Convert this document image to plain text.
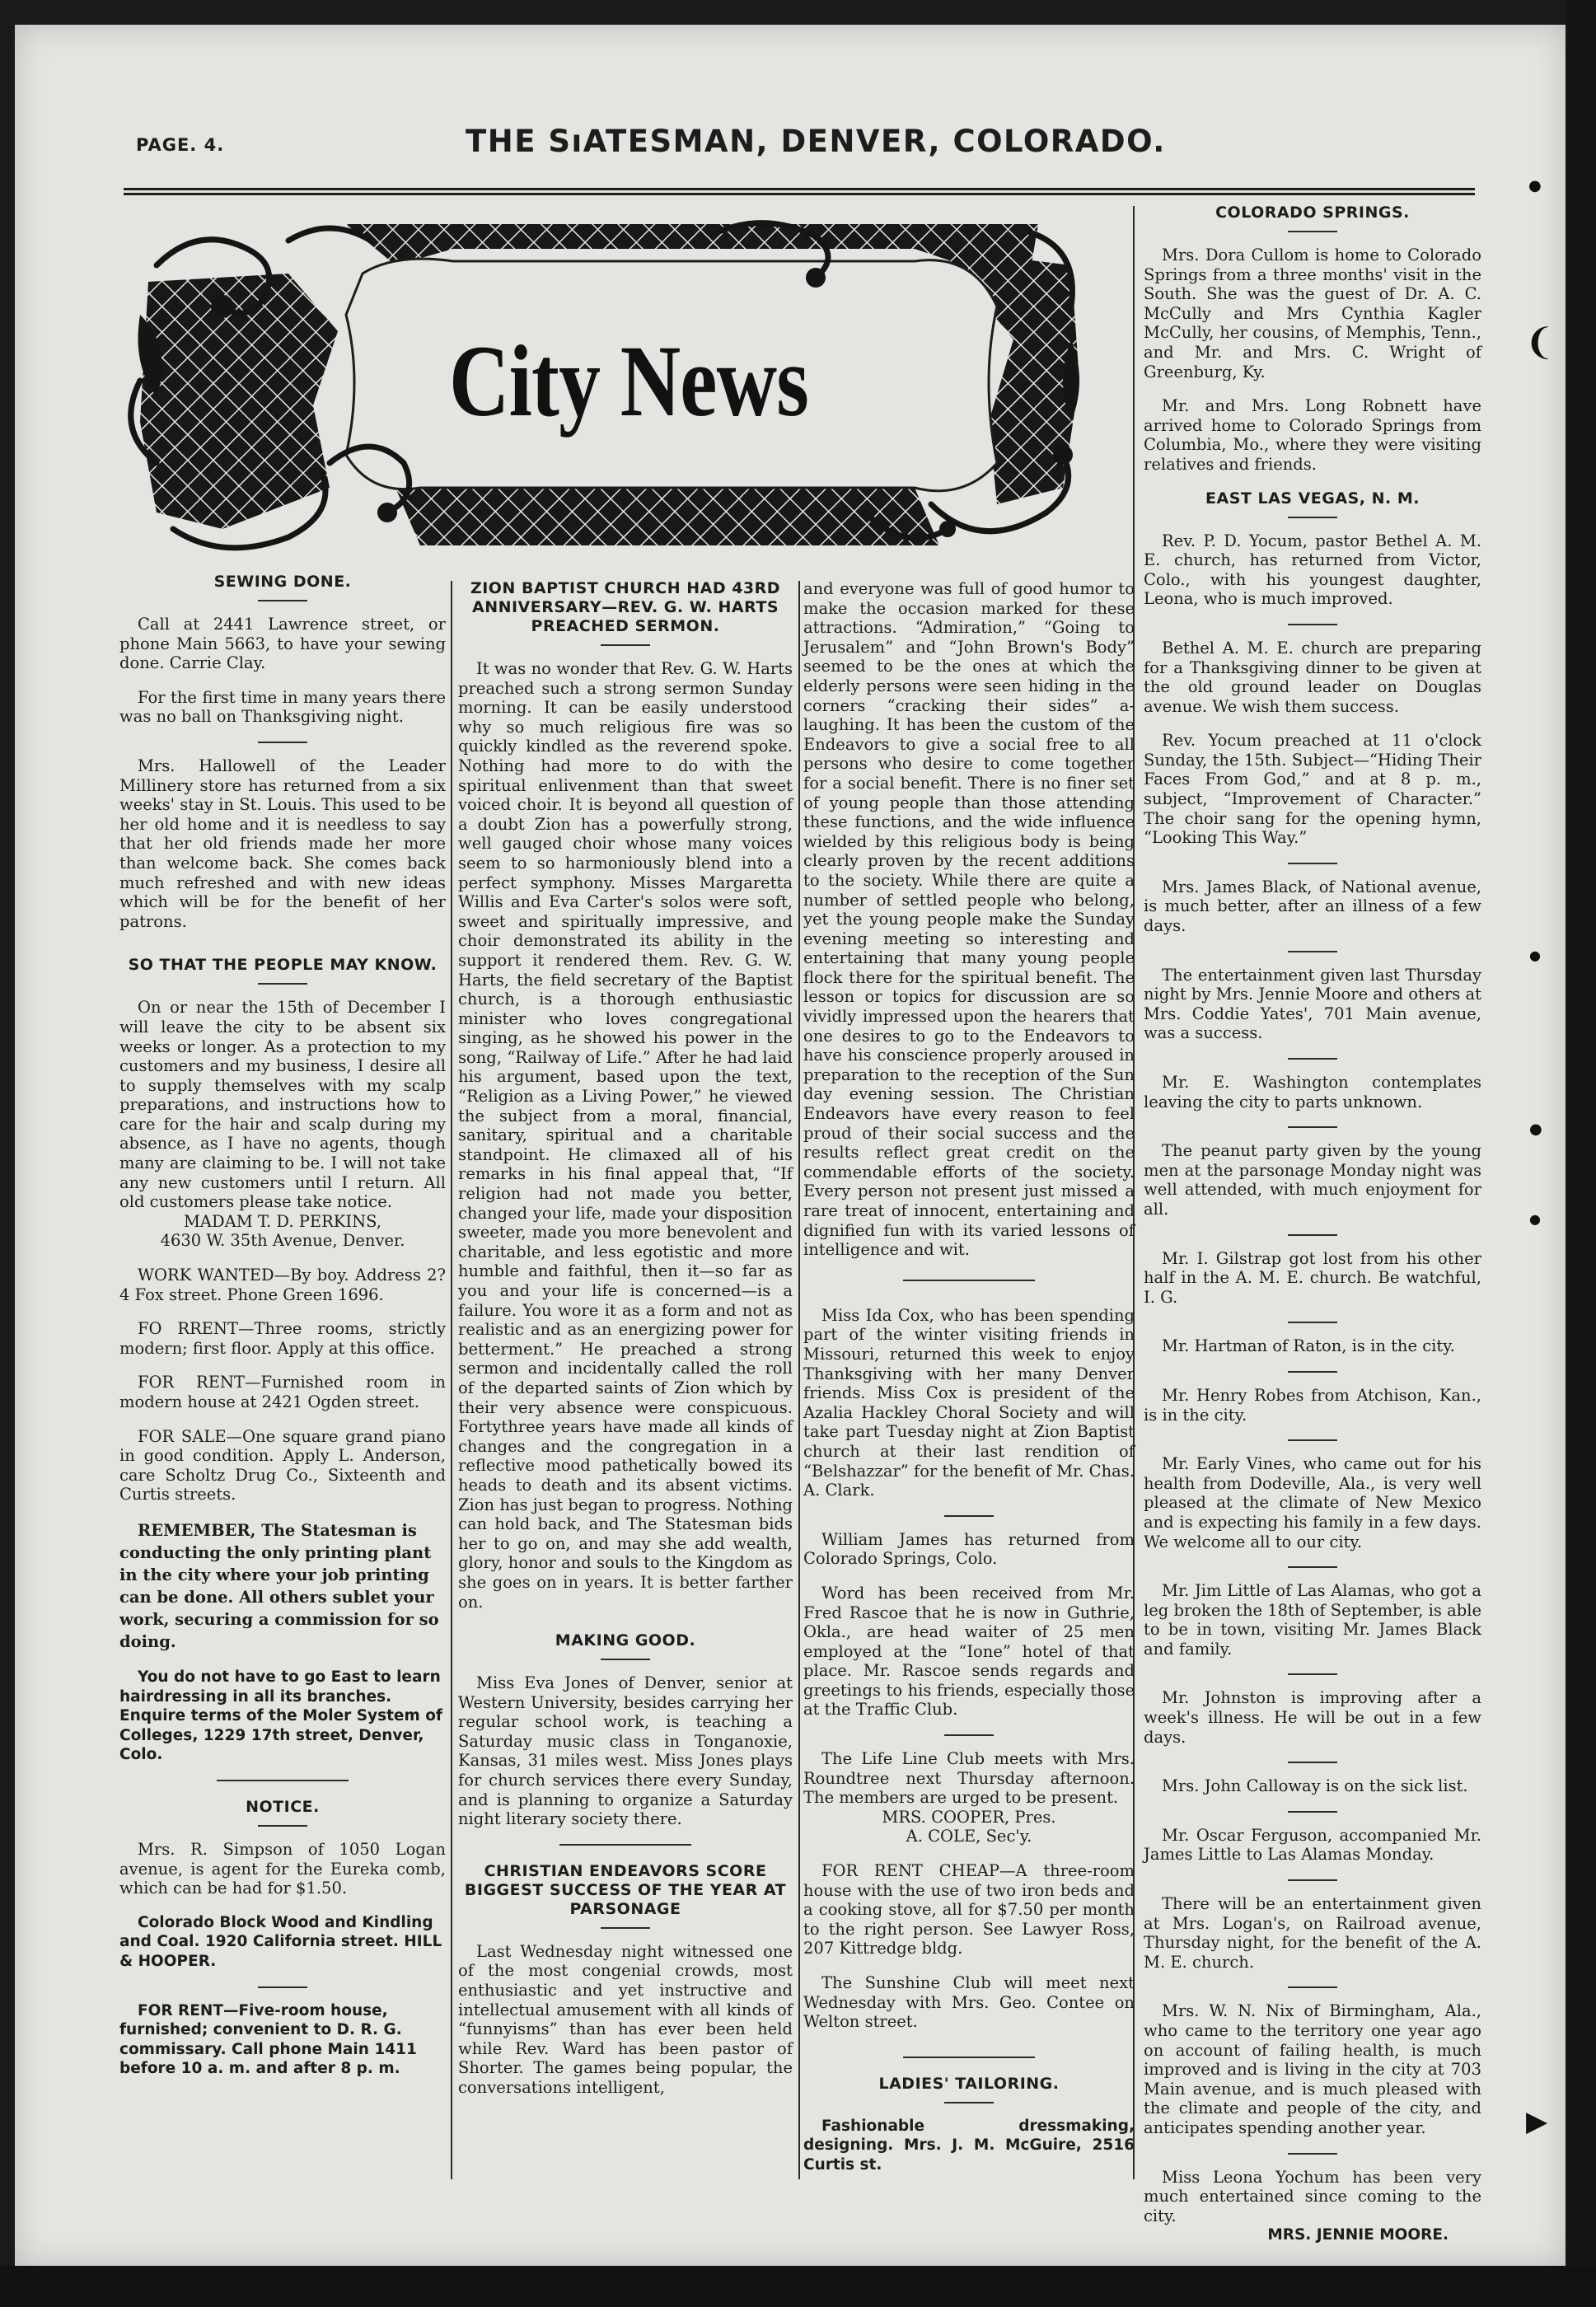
PAGE. 4.	THE SıATESMAN, DENVER, COLORADO.
City News
SEWING DONE.

Call at 2441 Lawrence street, or phone Main 5663, to have your sewing done. Carrie Clay.

For the first time in many years there was no ball on Thanksgiving night.

Mrs. Hallowell of the Leader Millinery store has returned from a six weeks' stay in St. Louis. This used to be her old home and it is needless to say that her old friends made her more than welcome back. She comes back much refreshed and with new ideas which will be for the benefit of her patrons.

SO THAT THE PEOPLE MAY KNOW.

On or near the 15th of December I will leave the city to be absent six weeks or longer. As a protection to my customers and my business, I desire all to supply themselves with my scalp preparations, and instructions how to care for the hair and scalp during my absence, as I have no agents, though many are claiming to be. I will not take any new customers until I return. All old customers please take notice.

MADAM T. D. PERKINS,

4630 W. 35th Avenue, Denver.

WORK WANTED—By boy. Address 2?4 Fox street. Phone Green 1696.

FO RRENT—Three rooms, strictly modern; first floor. Apply at this office.

FOR RENT—Furnished room in modern house at 2421 Ogden street.

FOR SALE—One square grand piano in good condition. Apply L. Anderson, care Scholtz Drug Co., Sixteenth and Curtis streets.

REMEMBER, The Statesman is conducting the only printing plant in the city where your job printing can be done. All others sublet your work, securing a commission for so doing.

You do not have to go East to learn hairdressing in all its branches. Enquire terms of the Moler System of Colleges, 1229 17th street, Denver, Colo.

NOTICE.

Mrs. R. Simpson of 1050 Logan avenue, is agent for the Eureka comb, which can be had for $1.50.

Colorado Block Wood and Kindling and Coal. 1920 California street. HILL & HOOPER.

FOR RENT—Five-room house, furnished; convenient to D. R. G. commissary. Call phone Main 1411 before 10 a. m. and after 8 p. m.

ZION BAPTIST CHURCH HAD 43RD ANNIVERSARY—REV. G. W. HARTS PREACHED SERMON.

It was no wonder that Rev. G. W. Harts preached such a strong sermon Sunday morning. It can be easily understood why so much religious fire was so quickly kindled as the reverend spoke. Nothing had more to do with the spiritual enlivenment than that sweet voiced choir. It is beyond all question of a doubt Zion has a powerfully strong, well gauged choir whose many voices seem to so harmoniously blend into a perfect symphony. Misses Margaretta Willis and Eva Carter's solos were soft, sweet and spiritually impressive, and choir demonstrated its ability in the support it rendered them. Rev. G. W. Harts, the field secretary of the Baptist church, is a thorough enthusiastic minister who loves congregational singing, as he showed his power in the song, “Railway of Life.” After he had laid his argument, based upon the text, “Religion as a Living Power,” he viewed the subject from a moral, financial, sanitary, spiritual and a charitable standpoint. He climaxed all of his remarks in his final appeal that, “If religion had not made you better, changed your life, made your disposition sweeter, made you more benevolent and charitable, and less egotistic and more humble and faithful, then it—so far as you and your life is concerned—is a failure. You wore it as a form and not as realistic and as an energizing power for betterment.” He preached a strong sermon and incidentally called the roll of the departed saints of Zion which by their very absence were conspicuous. Fortythree years have made all kinds of changes and the congregation in a reflective mood pathetically bowed its heads to death and its absent victims. Zion has just began to progress. Nothing can hold back, and The Statesman bids her to go on, and may she add wealth, glory, honor and souls to the Kingdom as she goes on in years. It is better farther on.

MAKING GOOD.

Miss Eva Jones of Denver, senior at Western University, besides carrying her regular school work, is teaching a Saturday music class in Tonganoxie, Kansas, 31 miles west. Miss Jones plays for church services there every Sunday, and is planning to organize a Saturday night literary society there.

CHRISTIAN ENDEAVORS SCORE BIGGEST SUCCESS OF THE YEAR AT PARSONAGE

Last Wednesday night witnessed one of the most congenial crowds, most enthusiastic and yet instructive and intellectual amusement with all kinds of “funnyisms” than has ever been held while Rev. Ward has been pastor of Shorter. The games being popular, the conversations intelligent,

and everyone was full of good humor to make the occasion marked for these attractions. “Admiration,” “Going to Jerusalem” and “John Brown's Body” seemed to be the ones at which the elderly persons were seen hiding in the corners “cracking their sides” a-laughing. It has been the custom of the Endeavors to give a social free to all persons who desire to come together for a social benefit. There is no finer set of young people than those attending these functions, and the wide influence wielded by this religious body is being clearly proven by the recent additions to the society. While there are quite a number of settled people who belong, yet the young people make the Sunday evening meeting so interesting and entertaining that many young people flock there for the spiritual benefit. The lesson or topics for discussion are so vividly impressed upon the hearers that one desires to go to the Endeavors to have his conscience properly aroused in preparation to the reception of the Sun day evening session. The Christian Endeavors have every reason to feel proud of their social success and the results reflect great credit on the commendable efforts of the society. Every person not present just missed a rare treat of innocent, entertaining and dignified fun with its varied lessons of intelligence and wit.

Miss Ida Cox, who has been spending part of the winter visiting friends in Missouri, returned this week to enjoy Thanksgiving with her many Denver friends. Miss Cox is president of the Azalia Hackley Choral Society and will take part Tuesday night at Zion Baptist church at their last rendition of “Belshazzar” for the benefit of Mr. Chas. A. Clark.

William James has returned from Colorado Springs, Colo.

Word has been received from Mr. Fred Rascoe that he is now in Guthrie, Okla., are head waiter of 25 men employed at the “Ione” hotel of that place. Mr. Rascoe sends regards and greetings to his friends, especially those at the Traffic Club.

The Life Line Club meets with Mrs. Roundtree next Thursday afternoon. The members are urged to be present.

MRS. COOPER, Pres.

A. COLE, Sec'y.

FOR RENT CHEAP—A three-room house with the use of two iron beds and a cooking stove, all for $7.50 per month to the right person. See Lawyer Ross, 207 Kittredge bldg.

The Sunshine Club will meet next Wednesday with Mrs. Geo. Contee on Welton street.

LADIES' TAILORING.

Fashionable dressmaking, designing. Mrs. J. M. McGuire, 2516 Curtis st.

COLORADO SPRINGS.

Mrs. Dora Cullom is home to Colorado Springs from a three months' visit in the South. She was the guest of Dr. A. C. McCully and Mrs Cynthia Kagler McCully, her cousins, of Memphis, Tenn., and Mr. and Mrs. C. Wright of Greenburg, Ky.

Mr. and Mrs. Long Robnett have arrived home to Colorado Springs from Columbia, Mo., where they were visiting relatives and friends.

EAST LAS VEGAS, N. M.

Rev. P. D. Yocum, pastor Bethel A. M. E. church, has returned from Victor, Colo., with his youngest daughter, Leona, who is much improved.

Bethel A. M. E. church are preparing for a Thanksgiving dinner to be given at the old ground leader on Douglas avenue. We wish them success.

Rev. Yocum preached at 11 o'clock Sunday, the 15th. Subject—“Hiding Their Faces From God,” and at 8 p. m., subject, “Improvement of Character.” The choir sang for the opening hymn, “Looking This Way.”

Mrs. James Black, of National avenue, is much better, after an illness of a few days.

The entertainment given last Thursday night by Mrs. Jennie Moore and others at Mrs. Coddie Yates', 701 Main avenue, was a success.

Mr. E. Washington contemplates leaving the city to parts unknown.

The peanut party given by the young men at the parsonage Monday night was well attended, with much enjoyment for all.

Mr. I. Gilstrap got lost from his other half in the A. M. E. church. Be watchful, I. G.

Mr. Hartman of Raton, is in the city.

Mr. Henry Robes from Atchison, Kan., is in the city.

Mr. Early Vines, who came out for his health from Dodeville, Ala., is very well pleased at the climate of New Mexico and is expecting his family in a few days. We welcome all to our city.

Mr. Jim Little of Las Alamas, who got a leg broken the 18th of September, is able to be in town, visiting Mr. James Black and family.

Mr. Johnston is improving after a week's illness. He will be out in a few days.

Mrs. John Calloway is on the sick list.

Mr. Oscar Ferguson, accompanied Mr. James Little to Las Alamas Monday.

There will be an entertainment given at Mrs. Logan's, on Railroad avenue, Thursday night, for the benefit of the A. M. E. church.

Mrs. W. N. Nix of Birmingham, Ala., who came to the territory one year ago on account of failing health, is much improved and is living in the city at 703 Main avenue, and is much pleased with the climate and people of the city, and anticipates spending another year.

Miss Leona Yochum has been very much entertained since coming to the city.

MRS. JENNIE MOORE.

●
❨
●
●
●
▶
